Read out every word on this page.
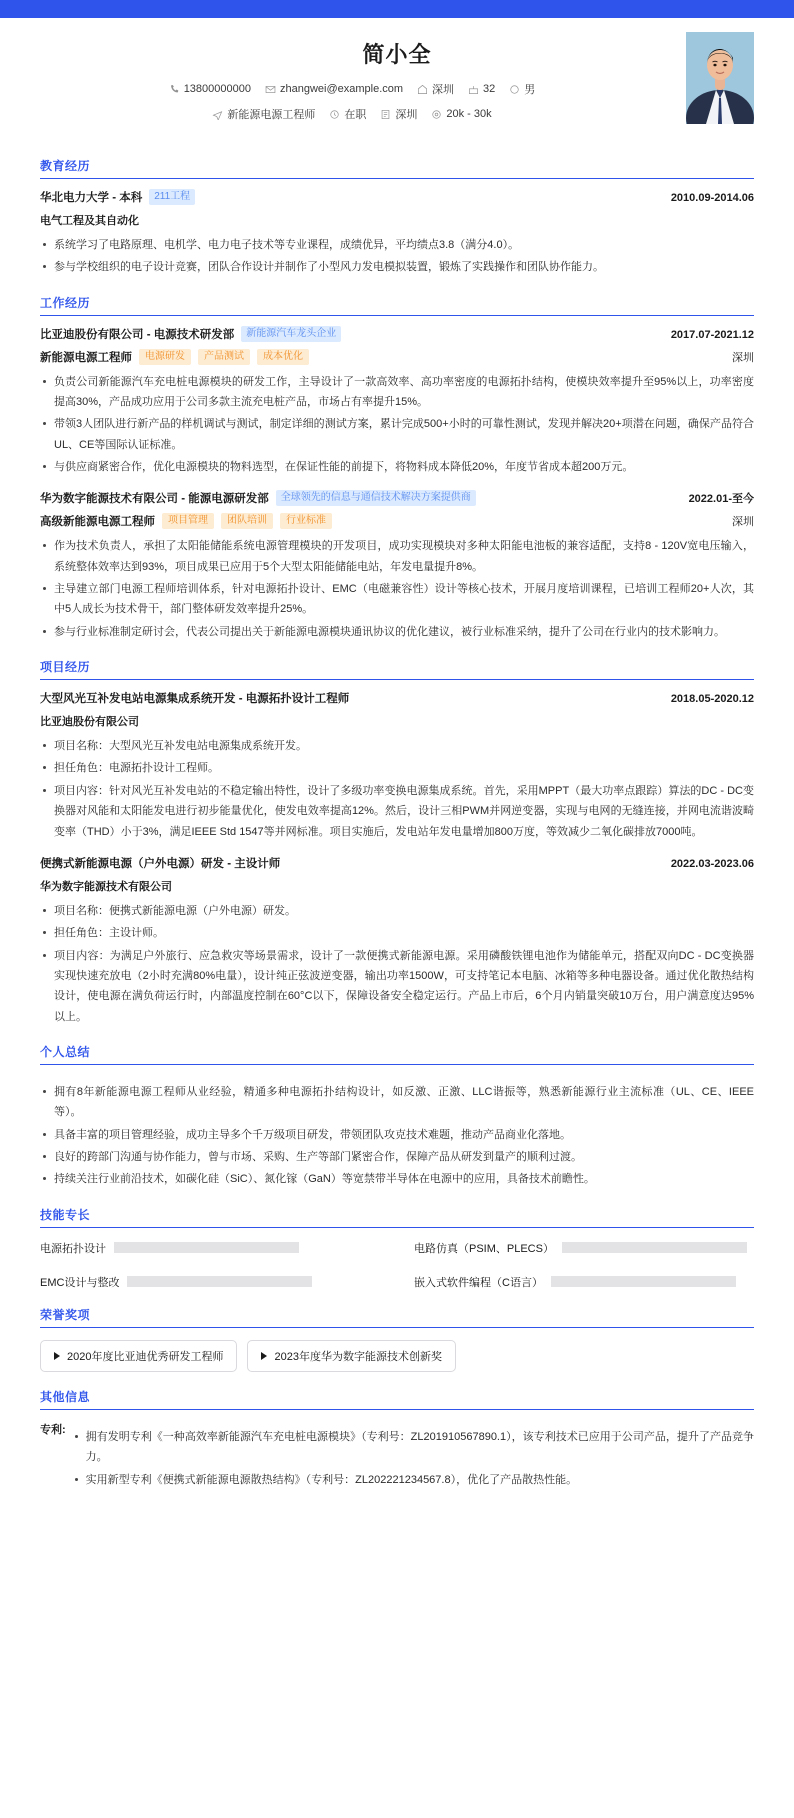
简小全
13800000000	zhangwei@example.com	深圳	32	男
新能源电源工程师	在职	深圳	20k - 30k
教育经历
华北电力大学 - 本科	211工程	2010.09-2014.06
电气工程及其自动化
系统学习了电路原理、电机学、电力电子技术等专业课程，成绩优异，平均绩点3.8（满分4.0）。
参与学校组织的电子设计竞赛，团队合作设计并制作了小型风力发电模拟装置，锻炼了实践操作和团队协作能力。
工作经历
比亚迪股份有限公司 - 电源技术研发部	新能源汽车龙头企业	2017.07-2021.12
新能源电源工程师	电源研发	产品测试	成本优化	深圳
负责公司新能源汽车充电桩电源模块的研发工作，主导设计了一款高效率、高功率密度的电源拓扑结构，使模块效率提升至95%以上，功率密度提高30%，产品成功应用于公司多款主流充电桩产品，市场占有率提升15%。
带领3人团队进行新产品的样机调试与测试，制定详细的测试方案，累计完成500+小时的可靠性测试，发现并解决20+项潜在问题，确保产品符合UL、CE等国际认证标准。
与供应商紧密合作，优化电源模块的物料选型，在保证性能的前提下，将物料成本降低20%，年度节省成本超200万元。
华为数字能源技术有限公司 - 能源电源研发部	全球领先的信息与通信技术解决方案提供商	2022.01-至今
高级新能源电源工程师	项目管理	团队培训	行业标准	深圳
作为技术负责人，承担了太阳能储能系统电源管理模块的开发项目，成功实现模块对多种太阳能电池板的兼容适配，支持8 - 120V宽电压输入，系统整体效率达到93%，项目成果已应用于5个大型太阳能储能电站，年发电量提升8%。
主导建立部门电源工程师培训体系，针对电源拓扑设计、EMC（电磁兼容性）设计等核心技术，开展月度培训课程，已培训工程师20+人次，其中5人成长为技术骨干，部门整体研发效率提升25%。
参与行业标准制定研讨会，代表公司提出关于新能源电源模块通讯协议的优化建议，被行业标准采纳，提升了公司在行业内的技术影响力。
项目经历
大型风光互补发电站电源集成系统开发 - 电源拓扑设计工程师	2018.05-2020.12
比亚迪股份有限公司
项目名称：大型风光互补发电站电源集成系统开发。
担任角色：电源拓扑设计工程师。
项目内容：针对风光互补发电站的不稳定输出特性，设计了多级功率变换电源集成系统。首先，采用MPPT（最大功率点跟踪）算法的DC - DC变换器对风能和太阳能发电进行初步能量优化，使发电效率提高12%。然后，设计三相PWM并网逆变器，实现与电网的无缝连接，并网电流谐波畸变率（THD）小于3%，满足IEEE Std 1547等并网标准。项目实施后，发电站年发电量增加800万度，等效减少二氧化碳排放7000吨。
便携式新能源电源（户外电源）研发 - 主设计师	2022.03-2023.06
华为数字能源技术有限公司
项目名称：便携式新能源电源（户外电源）研发。
担任角色：主设计师。
项目内容：为满足户外旅行、应急救灾等场景需求，设计了一款便携式新能源电源。采用磷酸铁锂电池作为储能单元，搭配双向DC - DC变换器实现快速充放电（2小时充满80%电量），设计纯正弦波逆变器，输出功率1500W，可支持笔记本电脑、冰箱等多种电器设备。通过优化散热结构设计，使电源在满负荷运行时，内部温度控制在60°C以下，保障设备安全稳定运行。产品上市后，6个月内销量突破10万台，用户满意度达95%以上。
个人总结
拥有8年新能源电源工程师从业经验，精通多种电源拓扑结构设计，如反激、正激、LLC谐振等，熟悉新能源行业主流标准（UL、CE、IEEE等）。
具备丰富的项目管理经验，成功主导多个千万级项目研发，带领团队攻克技术难题，推动产品商业化落地。
良好的跨部门沟通与协作能力，曾与市场、采购、生产等部门紧密合作，保障产品从研发到量产的顺利过渡。
持续关注行业前沿技术，如碳化硅（SiC）、氮化镓（GaN）等宽禁带半导体在电源中的应用，具备技术前瞻性。
技能专长
电源拓扑设计	电路仿真（PSIM、PLECS）
EMC设计与整改	嵌入式软件编程（C语言）
荣誉奖项
2020年度比亚迪优秀研发工程师	2023年度华为数字能源技术创新奖
其他信息
专利:
拥有发明专利《一种高效率新能源汽车充电桩电源模块》（专利号：ZL201910567890.1），该专利技术已应用于公司产品，提升了产品竞争力。
实用新型专利《便携式新能源电源散热结构》（专利号：ZL202221234567.8），优化了产品散热性能。
